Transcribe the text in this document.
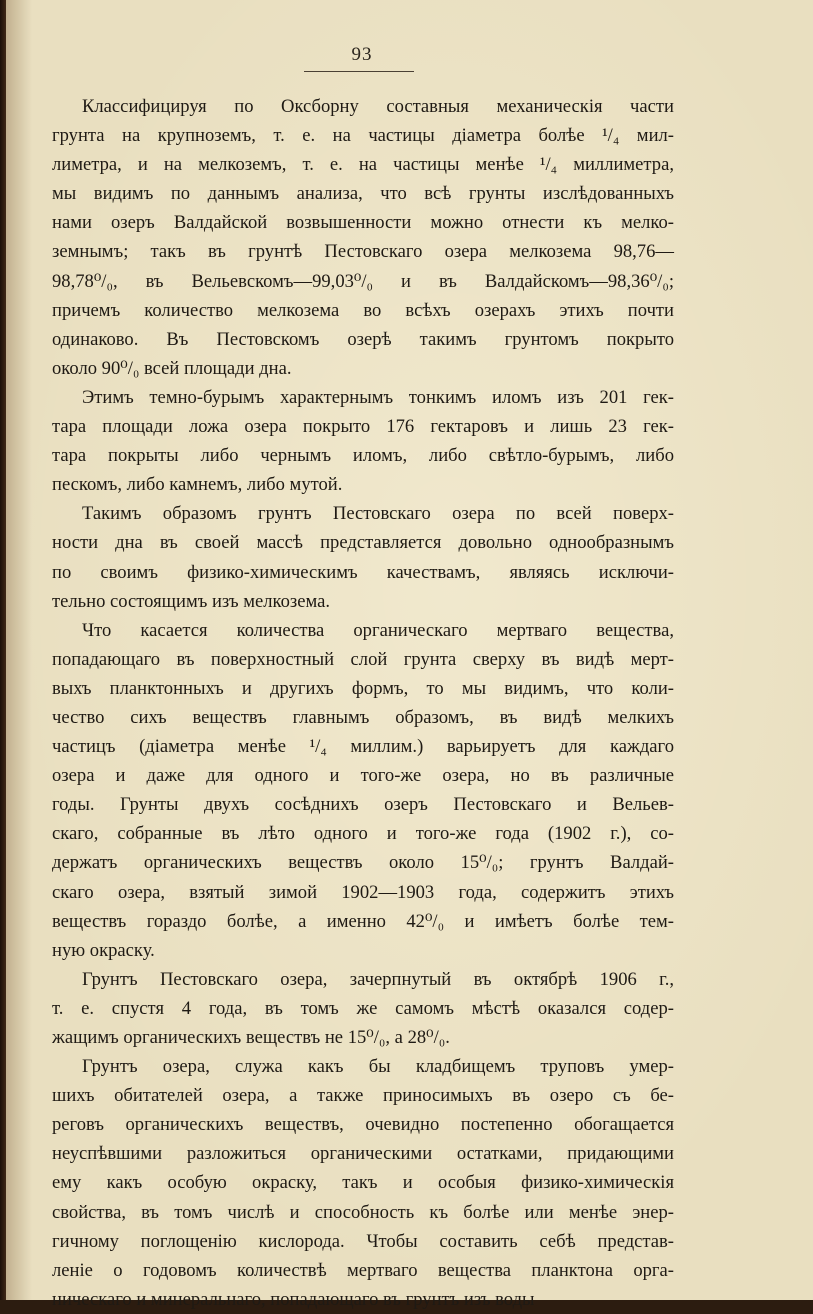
93
Классифицируя по Оксборну составныя механическія части
грунта на крупноземъ, т. е. на частицы діаметра болѣе ¹/₄ мил-
лиметра, и на мелкоземъ, т. е. на частицы менѣе ¹/₄ миллиметра,
мы видимъ по даннымъ анализа, что всѣ грунты изслѣдованныхъ
нами озеръ Валдайской возвышенности можно отнести къ мелко-
земнымъ; такъ въ грунтѣ Пестовскаго озера мелкозема 98,76—
98,78⁰/₀, въ Вельевскомъ—99,03⁰/₀ и въ Валдайскомъ—98,36⁰/₀;
причемъ количество мелкозема во всѣхъ озерахъ этихъ почти
одинаково. Въ Пестовскомъ озерѣ такимъ грунтомъ покрыто
около 90⁰/₀ всей площади дна.
Этимъ темно-бурымъ характернымъ тонкимъ иломъ изъ 201 гек-
тара площади ложа озера покрыто 176 гектаровъ и лишь 23 гек-
тара покрыты либо чернымъ иломъ, либо свѣтло-бурымъ, либо
пескомъ, либо камнемъ, либо мутой.
Такимъ образомъ грунтъ Пестовскаго озера по всей поверх-
ности дна въ своей массѣ представляется довольно однообразнымъ
по своимъ физико-химическимъ качествамъ, являясь исключи-
тельно состоящимъ изъ мелкозема.
Что касается количества органическаго мертваго вещества,
попадающаго въ поверхностный слой грунта сверху въ видѣ мерт-
выхъ планктонныхъ и другихъ формъ, то мы видимъ, что коли-
чество сихъ веществъ главнымъ образомъ, въ видѣ мелкихъ
частицъ (діаметра менѣе ¹/₄ миллим.) варьируетъ для каждаго
озера и даже для одного и того-же озера, но въ различные
годы. Грунты двухъ сосѣднихъ озеръ Пестовскаго и Вельев-
скаго, собранные въ лѣто одного и того-же года (1902 г.), со-
держатъ органическихъ веществъ около 15⁰/₀; грунтъ Валдай-
скаго озера, взятый зимой 1902—1903 года, содержитъ этихъ
веществъ гораздо болѣе, а именно 42⁰/₀ и имѣетъ болѣе тем-
ную окраску.
Грунтъ Пестовскаго озера, зачерпнутый въ октябрѣ 1906 г.,
т. е. спустя 4 года, въ томъ же самомъ мѣстѣ оказался содер-
жащимъ органическихъ веществъ не 15⁰/₀, а 28⁰/₀.
Грунтъ озера, служа какъ бы кладбищемъ труповъ умер-
шихъ обитателей озера, а также приносимыхъ въ озеро съ бе-
реговъ органическихъ веществъ, очевидно постепенно обогащается
неуспѣвшими разложиться органическими остатками, придающими
ему какъ особую окраску, такъ и особыя физико-химическія
свойства, въ томъ числѣ и способность къ болѣе или менѣе энер-
гичному поглощенію кислорода. Чтобы составить себѣ представ-
леніе о годовомъ количествѣ мертваго вещества планктона орга-
ническаго и минеральнаго, попадающаго въ грунтъ изъ воды
